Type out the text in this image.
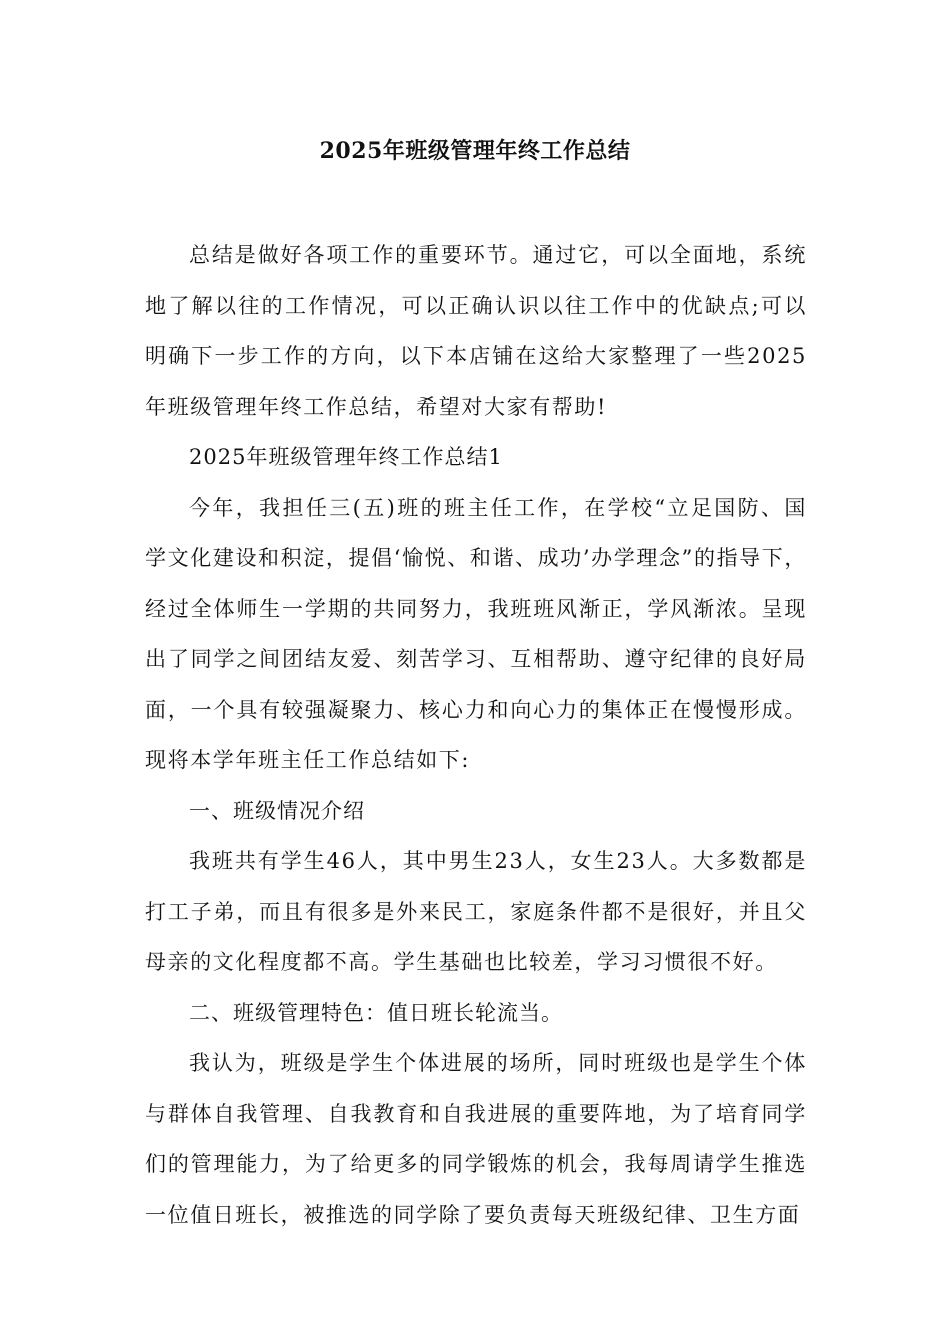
2025年班级管理年终工作总结

总结是做好各项工作的重要环节。通过它，可以全面地，系统地了解以往的工作情况，可以正确认识以往工作中的优缺点;可以明确下一步工作的方向，以下本店铺在这给大家整理了一些2025年班级管理年终工作总结，希望对大家有帮助!

2025年班级管理年终工作总结1

今年，我担任三(五)班的班主任工作，在学校“立足国防、国学文化建设和积淀，提倡‘愉悦、和谐、成功’办学理念”的指导下，经过全体师生一学期的共同努力，我班班风渐正，学风渐浓。呈现出了同学之间团结友爱、刻苦学习、互相帮助、遵守纪律的良好局面，一个具有较强凝聚力、核心力和向心力的集体正在慢慢形成。现将本学年班主任工作总结如下:

一、班级情况介绍

我班共有学生46人，其中男生23人，女生23人。大多数都是打工子弟，而且有很多是外来民工，家庭条件都不是很好，并且父母亲的文化程度都不高。学生基础也比较差，学习习惯很不好。

二、班级管理特色：值日班长轮流当。

我认为，班级是学生个体进展的场所，同时班级也是学生个体与群体自我管理、自我教育和自我进展的重要阵地，为了培育同学们的管理能力，为了给更多的同学锻炼的机会，我每周请学生推选一位值日班长，被推选的同学除了要负责每天班级纪律、卫生方面
